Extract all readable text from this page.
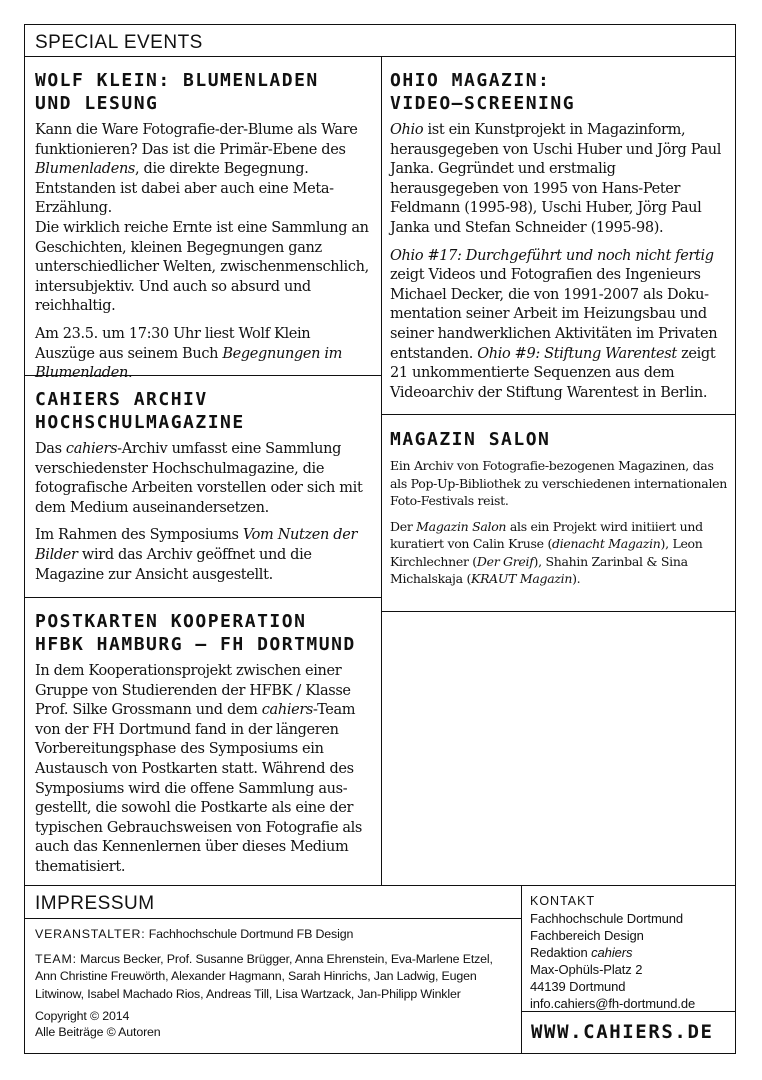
SPECIAL EVENTS
WOLF KLEIN: BLUMENLADEN
UND LESUNG

Kann die Ware Fotografie-der-Blume als Ware funktionieren? Das ist die Primär-Ebene des Blumenladens, die direkte Begegnung. Entstanden ist dabei aber auch eine Meta-Erzählung.
Die wirklich reiche Ernte ist eine Sammlung an Geschichten, kleinen Begegnungen ganz unterschiedlicher Welten, zwischenmenschlich, intersubjektiv. Und auch so absurd und reichhaltig.

Am 23.5. um 17:30 Uhr liest Wolf Klein Auszüge aus seinem Buch Begegnungen im Blumenladen.

CAHIERS ARCHIV
HOCHSCHULMAGAZINE

Das cahiers-Archiv umfasst eine Sammlung verschiedenster Hochschulmagazine, die fotografische Arbeiten vorstellen oder sich mit dem Medium auseinandersetzen.

Im Rahmen des Symposiums Vom Nutzen der Bilder wird das Archiv geöffnet und die Magazine zur Ansicht ausgestellt.

POSTKARTEN KOOPERATION
HFBK HAMBURG – FH DORTMUND

In dem Kooperationsprojekt zwischen einer Gruppe von Studierenden der HFBK / Klasse Prof. Silke Grossmann und dem cahiers-Team von der FH Dortmund fand in der längeren Vorbereitungsphase des Symposiums ein Austausch von Postkarten statt. Während des Symposiums wird die offene Sammlung ausgestellt, die sowohl die Postkarte als eine der typischen Gebrauchsweisen von Fotografie als auch das Kennenlernen über dieses Medium thematisiert.

OHIO MAGAZIN:
VIDEO–SCREENING

Ohio ist ein Kunstprojekt in Magazinform, herausgegeben von Uschi Huber und Jörg Paul Janka. Gegründet und erstmalig herausgegeben von 1995 von Hans-Peter Feldmann (1995-98), Uschi Huber, Jörg Paul Janka und Stefan Schneider (1995-98).

Ohio #17: Durchgeführt und noch nicht fertig zeigt Videos und Fotografien des Ingenieurs Michael Decker, die von 1991-2007 als Dokumentation seiner Arbeit im Heizungsbau und seiner handwerklichen Aktivitäten im Privaten entstanden. Ohio #9: Stiftung Warentest zeigt 21 unkommentierte Sequenzen aus dem Videoarchiv der Stiftung Warentest in Berlin.

MAGAZIN SALON

Ein Archiv von Fotografie-bezogenen Magazinen, das als Pop-Up-Bibliothek zu verschiedenen internationalen Foto-Festivals reist.

Der Magazin Salon als ein Projekt wird initiiert und kuratiert von Calin Kruse (dienacht Magazin), Leon Kirchlechner (Der Greif), Shahin Zarinbal & Sina Michalskaja (KRAUT Magazin).

IMPRESSUM

VERANSTALTER: Fachhochschule Dortmund FB Design

TEAM: Marcus Becker, Prof. Susanne Brügger, Anna Ehrenstein, Eva-Marlene Etzel, Ann Christine Freuwörth, Alexander Hagmann, Sarah Hinrichs, Jan Ladwig, Eugen Litwinow, Isabel Machado Rios, Andreas Till, Lisa Wartzack, Jan-Philipp Winkler

Copyright © 2014
Alle Beiträge © Autoren

KONTAKT
Fachhochschule Dortmund
Fachbereich Design
Redaktion cahiers
Max-Ophüls-Platz 2
44139 Dortmund
info.cahiers@fh-dortmund.de
WWW.CAHIERS.DE
